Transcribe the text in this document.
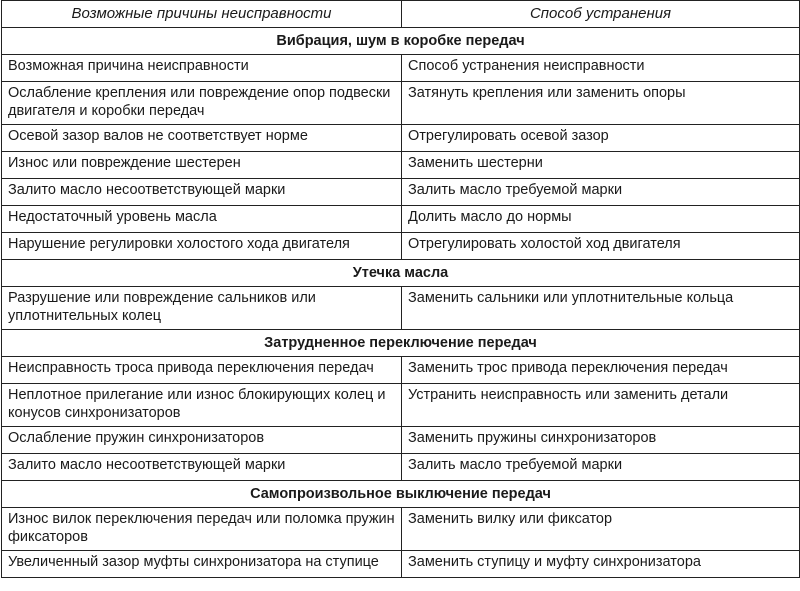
Возможные причины неисправности	Способ устранения
Вибрация, шум в коробке передач	
Возможная причина неисправности	Способ устранения неисправности
Ослабление крепления или повреждение опор подвески двигателя и коробки передач	Затянуть крепления или заменить опоры
Осевой зазор валов не соответствует норме	Отрегулировать осевой зазор
Износ или повреждение шестерен	Заменить шестерни
Залито масло несоответствующей марки	Залить масло требуемой марки
Недостаточный уровень масла	Долить масло до нормы
Нарушение регулировки холостого хода двигателя	Отрегулировать холостой ход двигателя
Утечка масла	
Разрушение или повреждение сальников или уплотнительных колец	Заменить сальники или уплотнительные кольца
Затрудненное переключение передач	
Неисправность троса привода переключения передач	Заменить трос привода переключения передач
Неплотное прилегание или износ блокирующих колец и конусов синхронизаторов	Устранить неисправность или заменить детали
Ослабление пружин синхронизаторов	Заменить пружины синхронизаторов
Залито масло несоответствующей марки	Залить масло требуемой марки
Самопроизвольное выключение передач	
Износ вилок переключения передач или поломка пружин фиксаторов	Заменить вилку или фиксатор
Увеличенный зазор муфты синхронизатора на ступице	Заменить ступицу и муфту синхронизатора
